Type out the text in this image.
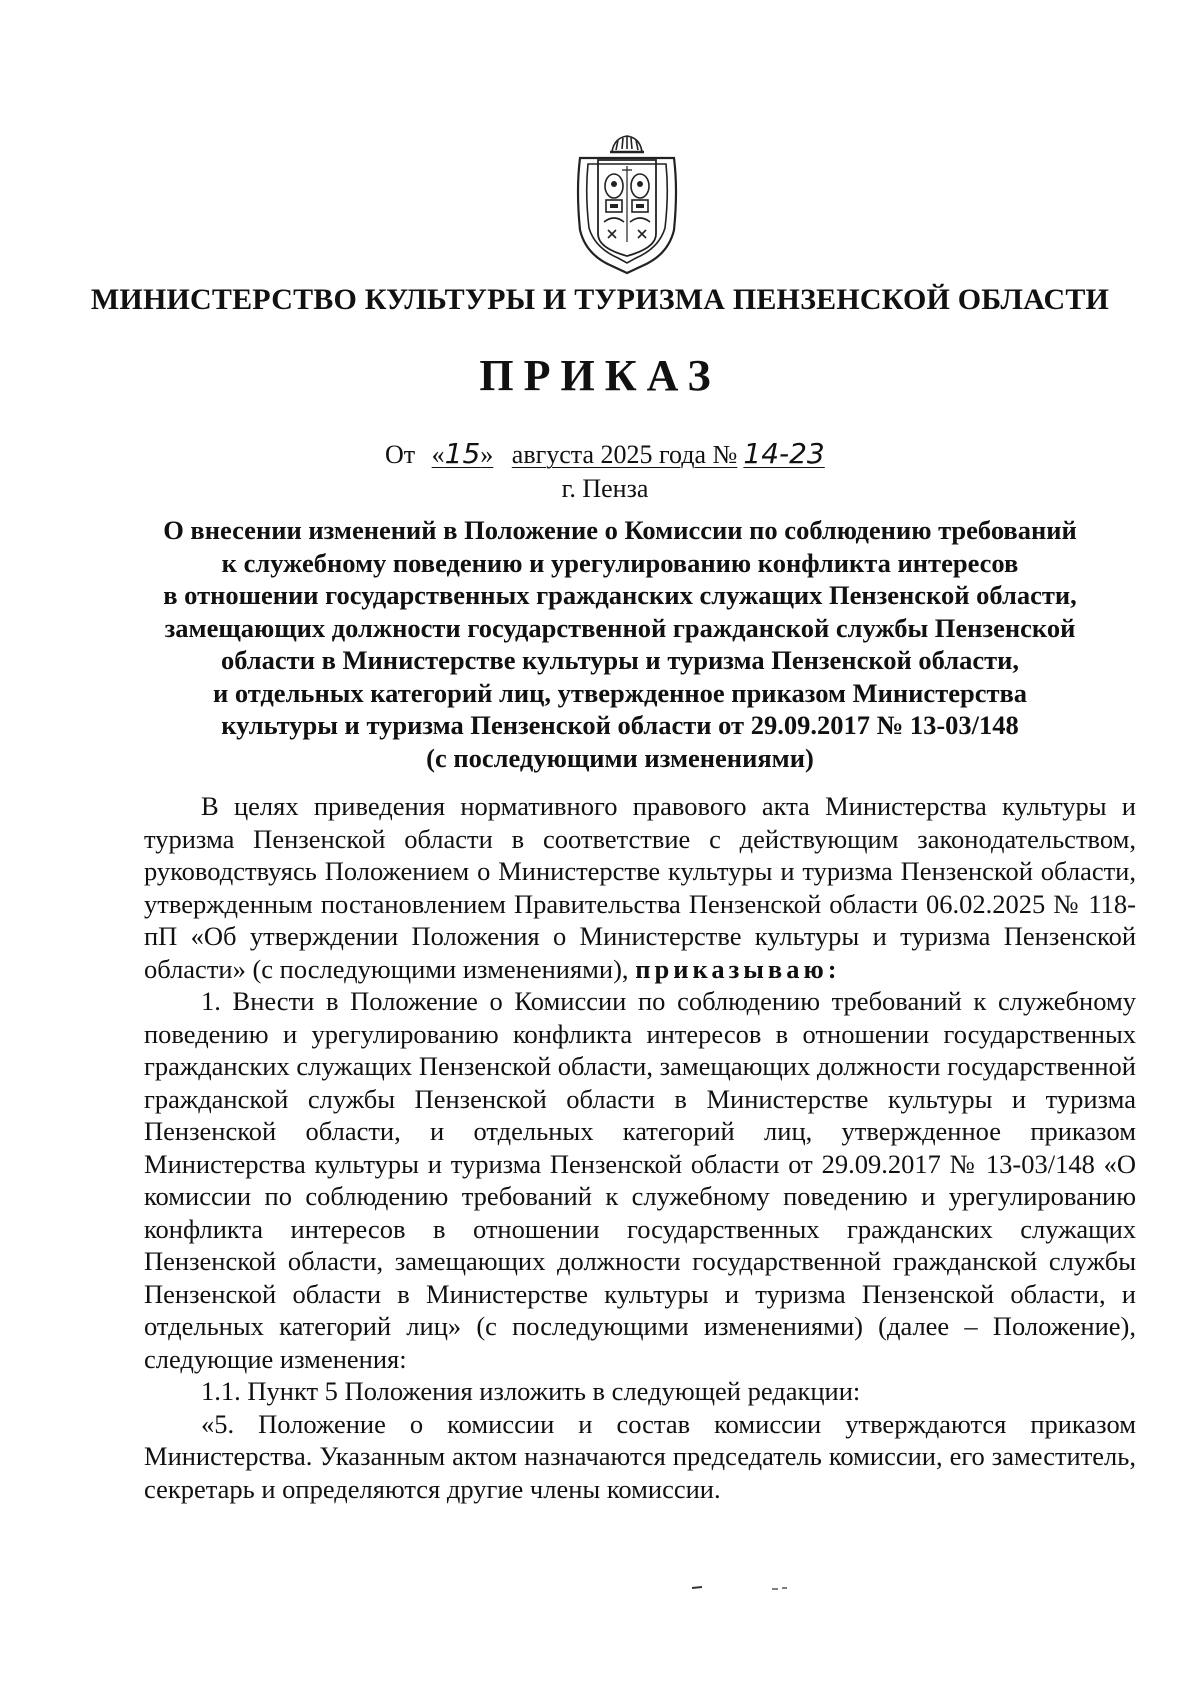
МИНИСТЕРСТВО КУЛЬТУРЫ И ТУРИЗМА ПЕНЗЕНСКОЙ ОБЛАСТИ
ПРИКАЗ
От «15» августа 2025 года № 14-23
г. Пенза
О внесении изменений в Положение о Комиссии по соблюдению требований
к служебному поведению и урегулированию конфликта интересов
в отношении государственных гражданских служащих Пензенской области,
замещающих должности государственной гражданской службы Пензенской
области в Министерстве культуры и туризма Пензенской области,
и отдельных категорий лиц, утвержденное приказом Министерства
культуры и туризма Пензенской области от 29.09.2017 № 13-03/148
(с последующими изменениями)
В целях приведения нормативного правового акта Министерства культуры и туризма Пензенской области в соответствие с действующим законодательством, руководствуясь Положением о Министерстве культуры и туризма Пензенской области, утвержденным постановлением Правительства Пензенской области 06.02.2025 № 118-пП «Об утверждении Положения о Министерстве культуры и туризма Пензенской области» (с последующими изменениями), приказываю:
1. Внести в Положение о Комиссии по соблюдению требований к служебному поведению и урегулированию конфликта интересов в отношении государственных гражданских служащих Пензенской области, замещающих должности государственной гражданской службы Пензенской области в Министерстве культуры и туризма Пензенской области, и отдельных категорий лиц, утвержденное приказом Министерства культуры и туризма Пензенской области от 29.09.2017 № 13-03/148 «О комиссии по соблюдению требований к служебному поведению и урегулированию конфликта интересов в отношении государственных гражданских служащих Пензенской области, замещающих должности государственной гражданской службы Пензенской области в Министерстве культуры и туризма Пензенской области, и отдельных категорий лиц» (с последующими изменениями) (далее – Положение), следующие изменения:
1.1. Пункт 5 Положения изложить в следующей редакции:
«5. Положение о комиссии и состав комиссии утверждаются приказом Министерства. Указанным актом назначаются председатель комиссии, его заместитель, секретарь и определяются другие члены комиссии.
